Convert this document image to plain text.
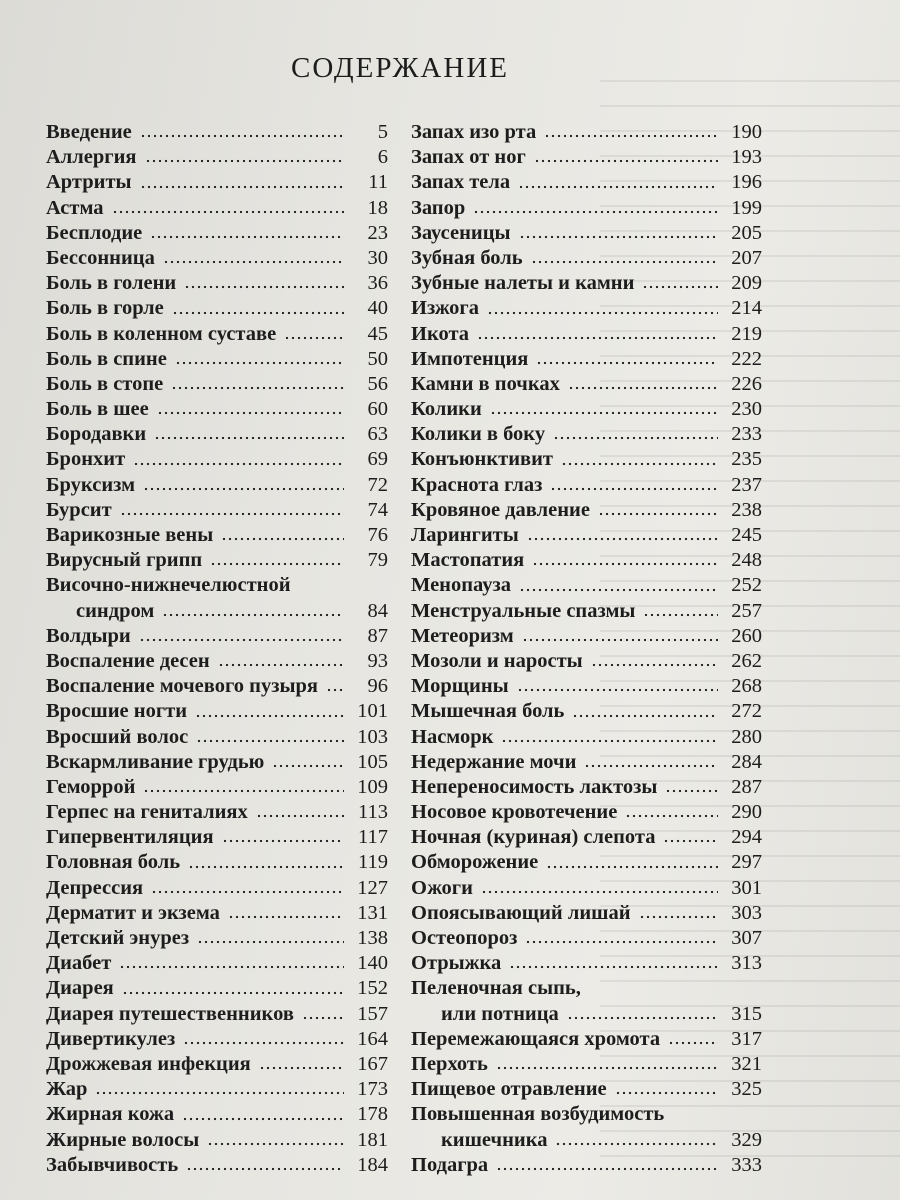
СОДЕРЖАНИЕ
Введение	5
Аллергия	6
Артриты	11
Астма	18
Бесплодие	23
Бессонница	30
Боль в голени	36
Боль в горле	40
Боль в коленном суставе	45
Боль в спине	50
Боль в стопе	56
Боль в шее	60
Бородавки	63
Бронхит	69
Бруксизм	72
Бурсит	74
Варикозные вены	76
Вирусный грипп	79
Височно-нижнечелюстной
синдром	84
Волдыри	87
Воспаление десен	93
Воспаление мочевого пузыря	96
Вросшие ногти	101
Вросший волос	103
Вскармливание грудью	105
Геморрой	109
Герпес на гениталиях	113
Гипервентиляция	117
Головная боль	119
Депрессия	127
Дерматит и экзема	131
Детский энурез	138
Диабет	140
Диарея	152
Диарея путешественников	157
Дивертикулез	164
Дрожжевая инфекция	167
Жар	173
Жирная кожа	178
Жирные волосы	181
Забывчивость	184
Запах изо рта	190
Запах от ног	193
Запах тела	196
Запор	199
Заусеницы	205
Зубная боль	207
Зубные налеты и камни	209
Изжога	214
Икота	219
Импотенция	222
Камни в почках	226
Колики	230
Колики в боку	233
Конъюнктивит	235
Краснота глаз	237
Кровяное давление	238
Ларингиты	245
Мастопатия	248
Менопауза	252
Менструальные спазмы	257
Метеоризм	260
Мозоли и наросты	262
Морщины	268
Мышечная боль	272
Насморк	280
Недержание мочи	284
Непереносимость лактозы	287
Носовое кровотечение	290
Ночная (куриная) слепота	294
Обморожение	297
Ожоги	301
Опоясывающий лишай	303
Остеопороз	307
Отрыжка	313
Пеленочная сыпь,
или потница	315
Перемежающаяся хромота	317
Перхоть	321
Пищевое отравление	325
Повышенная возбудимость
кишечника	329
Подагра	333
